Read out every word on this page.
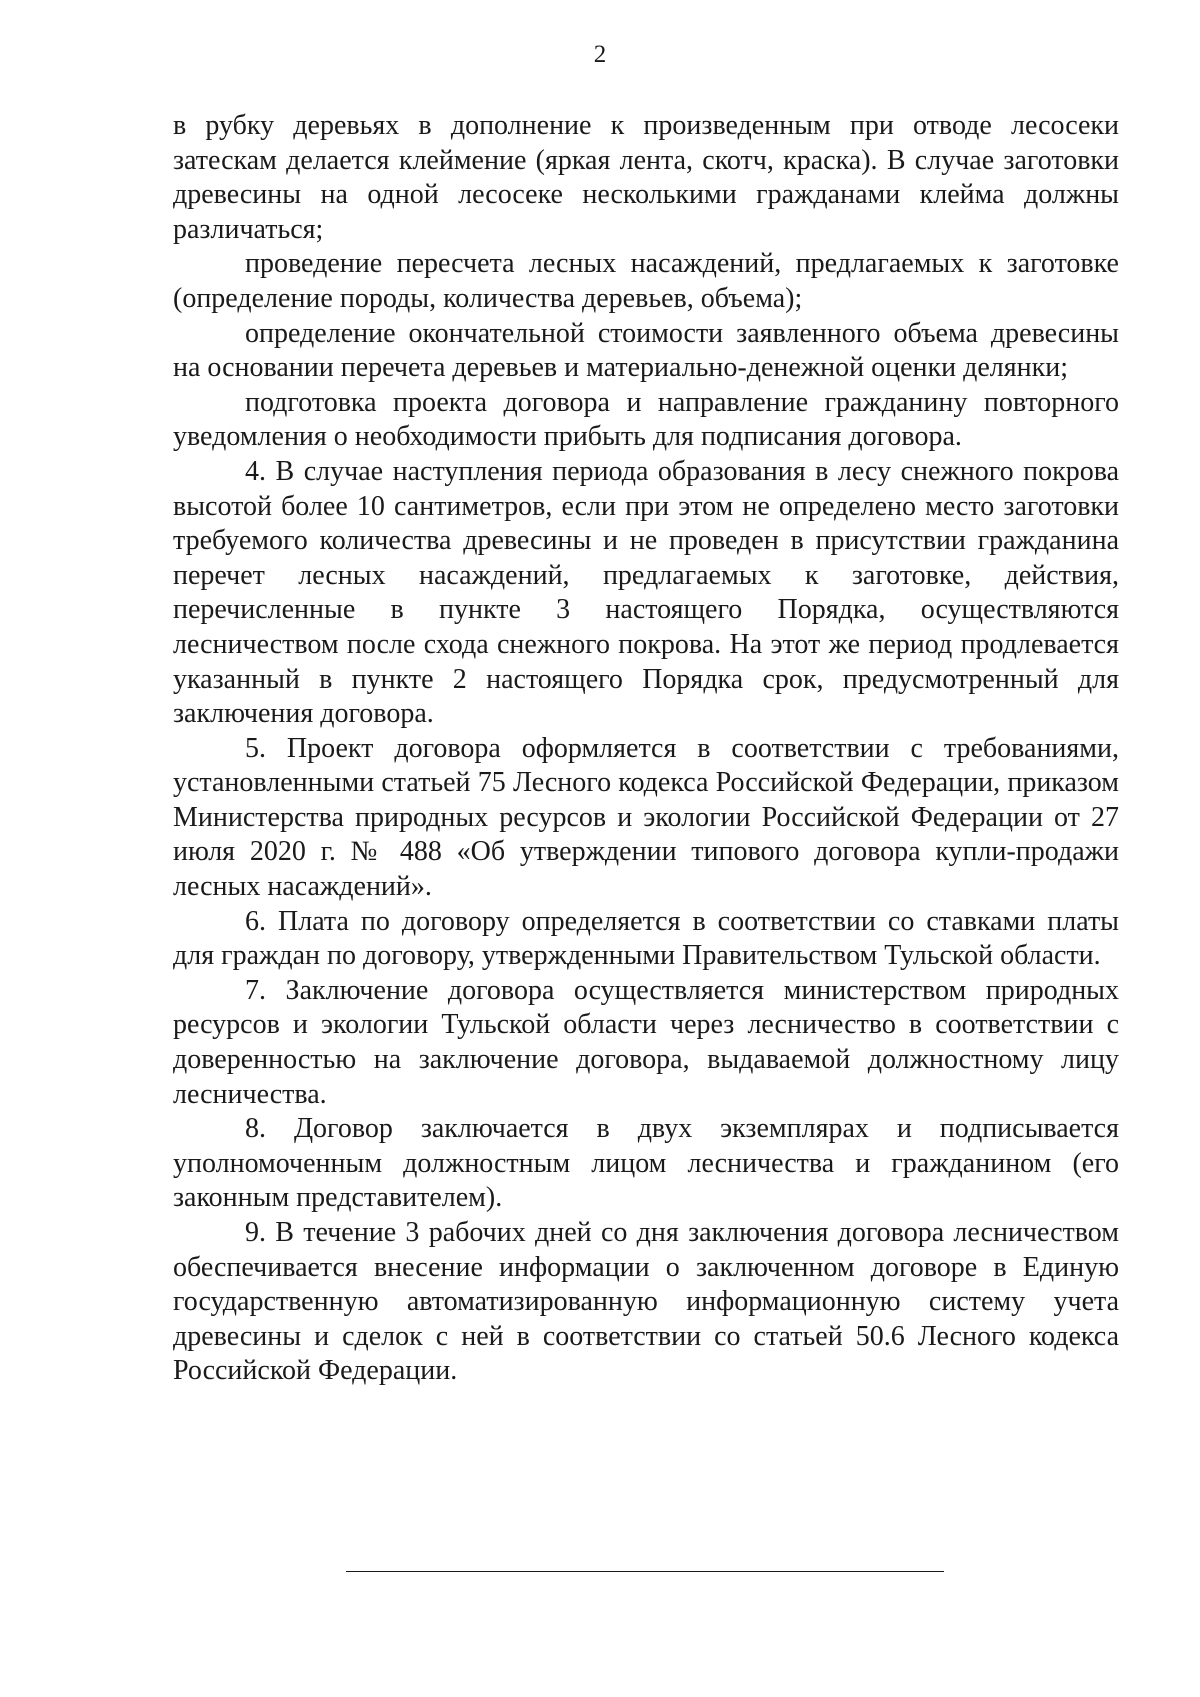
2

в рубку деревьях в дополнение к произведенным при отводе лесосеки затескам делается клеймение (яркая лента, скотч, краска). В случае заготовки древесины на одной лесосеке несколькими гражданами клейма должны различаться;

проведение пересчета лесных насаждений, предлагаемых к заготовке (определение породы, количества деревьев, объема);

определение окончательной стоимости заявленного объема древесины на основании перечета деревьев и материально-денежной оценки делянки;

подготовка проекта договора и направление гражданину повторного уведомления о необходимости прибыть для подписания договора.

4. В случае наступления периода образования в лесу снежного покрова высотой более 10 сантиметров, если при этом не определено место заготовки требуемого количества древесины и не проведен в присутствии гражданина перечет лесных насаждений, предлагаемых к заготовке, действия, перечисленные в пункте 3 настоящего Порядка, осуществляются лесничеством после схода снежного покрова. На этот же период продлевается указанный в пункте 2 настоящего Порядка срок, предусмотренный для заключения договора.

5. Проект договора оформляется в соответствии с требованиями, установленными статьей 75 Лесного кодекса Российской Федерации, приказом Министерства природных ресурсов и экологии Российской Федерации от 27 июля 2020 г. № 488 «Об утверждении типового договора купли-продажи лесных насаждений».

6. Плата по договору определяется в соответствии со ставками платы для граждан по договору, утвержденными Правительством Тульской области.

7. Заключение договора осуществляется министерством природных ресурсов и экологии Тульской области через лесничество в соответствии с доверенностью на заключение договора, выдаваемой должностному лицу лесничества.

8. Договор заключается в двух экземплярах и подписывается уполномоченным должностным лицом лесничества и гражданином (его законным представителем).

9. В течение 3 рабочих дней со дня заключения договора лесничеством обеспечивается внесение информации о заключенном договоре в Единую государственную автоматизированную информационную систему учета древесины и сделок с ней в соответствии со статьей 50.6 Лесного кодекса Российской Федерации.
